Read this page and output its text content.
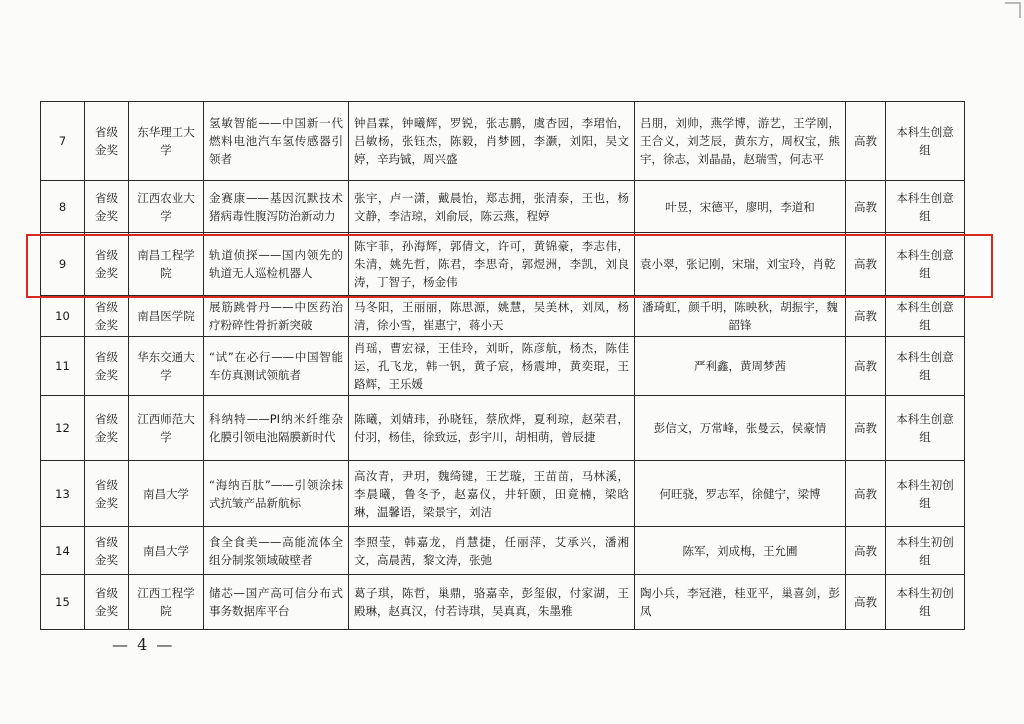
7	省级金奖	东华理工大学	氢敏智能——中国新一代燃料电池汽车氢传感器引领者	钟昌霖，钟曦辉，罗锐，张志鹏，虞杏园，李珺怡，吕敏杨，张钰杰，陈毅，肖梦圆，李灏，刘阳，吴文婷，辛玙铖，周兴盛	吕朋，刘帅，燕学博，游艺，王学刚，王合义，刘芝辰，黄东方，周权宝，熊宇，徐志，刘晶晶，赵瑞雪，何志平	高教	本科生创意组
8	省级金奖	江西农业大学	金赛康——基因沉默技术猪病毒性腹泻防治新动力	张宇，卢一潇，戴晨怡，郑志拥，张清泰，王也，杨文静，李洁琼，刘俞辰，陈云燕，程婷	叶昱，宋德平，廖明，李道和	高教	本科生创意组
9	省级金奖	南昌工程学院	轨道侦探——国内领先的轨道无人巡检机器人	陈宇菲，孙海辉，郭倩文，许可，黄锦豪，李志伟，朱清，姚先哲，陈君，李思奇，郭煜洲，李凯，刘良涛，丁智子，杨金伟	袁小翠，张记刚，宋瑞，刘宝玲，肖乾	高教	本科生创意组
10	省级金奖	南昌医学院	展筋跳骨丹——中医药治疗粉碎性骨折新突破	马冬阳，王丽丽，陈思源，姚慧，吴美林，刘凤，杨清，徐小雪，崔惠宁，蒋小天	潘琦虹，颜千明，陈映秋，胡振宇，魏韶锋	高教	本科生创意组
11	省级金奖	华东交通大学	“试”在必行——中国智能车仿真测试领航者	肖瑶，曹宏禄，王佳玲，刘昕，陈彦航，杨杰，陈佳运，孔飞龙，韩一钒，黄子宸，杨震坤，黄奕琨，王路辉，王乐媛	严利鑫，黄周梦茜	高教	本科生创意组
12	省级金奖	江西师范大学	科纳特——PI纳米纤维杂化膜引领电池隔膜新时代	陈曦，刘婧玮，孙晓钰，蔡欣烨，夏利琼，赵荣君，付羽，杨佳，徐致远，彭宇川，胡相萌，曾辰捷	彭信文，万常峰，张曼云，侯豪情	高教	本科生创意组
13	省级金奖	南昌大学	“海纳百肽”——引领涂抹式抗皱产品新航标	高汝青，尹玥，魏绮键，王艺璇，王苗苗，马林溪，李晨曦，鲁冬予，赵嘉仪，井轩颐，田竟楠，梁晗琳，温馨语，梁景宇，刘洁	何旺骁，罗志军，徐健宁，梁博	高教	本科生初创组
14	省级金奖	南昌大学	食全食美——高能流体全组分制浆领域破壁者	李照莹，韩嘉龙，肖慧捷，任丽萍，艾承兴，潘湘文，高晨茜，黎文涛，张弛	陈军，刘成梅，王允圃	高教	本科生初创组
15	省级金奖	江西工程学院	储芯—国产高可信分布式事务数据库平台	葛子琪，陈哲，巢鼎，骆嘉幸，彭玺俶，付家湖，王殿琳，赵真汉，付若诗琪，吴真真，朱墨雅	陶小兵，李冠港，桂亚平，巢喜剑，彭凤	高教	本科生初创组
— 4 —
